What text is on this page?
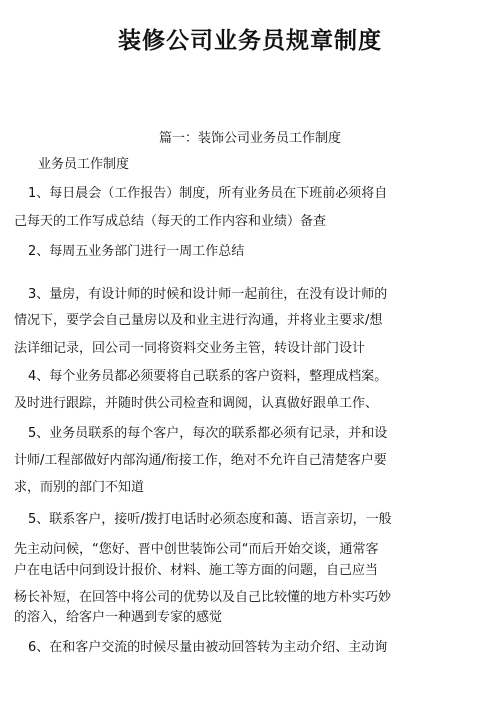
装修公司业务员规章制度

篇一：装饰公司业务员工作制度

业务员工作制度

1、每日晨会（工作报告）制度，所有业务员在下班前必须将自

己每天的工作写成总结（每天的工作内容和业绩）备查

2、每周五业务部门进行一周工作总结

3、量房，有设计师的时候和设计师一起前往，在没有设计师的

情况下，要学会自己量房以及和业主进行沟通，并将业主要求/想

法详细记录，回公司一同将资料交业务主管，转设计部门设计

4、每个业务员都必须要将自己联系的客户资料，整理成档案。

及时进行跟踪，并随时供公司检查和调阅，认真做好跟单工作、

5、业务员联系的每个客户，每次的联系都必须有记录，并和设

计师/工程部做好内部沟通/衔接工作，绝对不允许自己清楚客户要

求，而别的部门不知道

5、联系客户，接听/拨打电话时必须态度和蔼、语言亲切，一般

先主动问候，“您好、晋中创世装饰公司“而后开始交谈，通常客

户在电话中问到设计报价、材料、施工等方面的问题，自己应当

杨长补短，在回答中将公司的优势以及自己比较懂的地方朴实巧妙

的溶入，给客户一种遇到专家的感觉

6、在和客户交流的时候尽量由被动回答转为主动介绍、主动询
